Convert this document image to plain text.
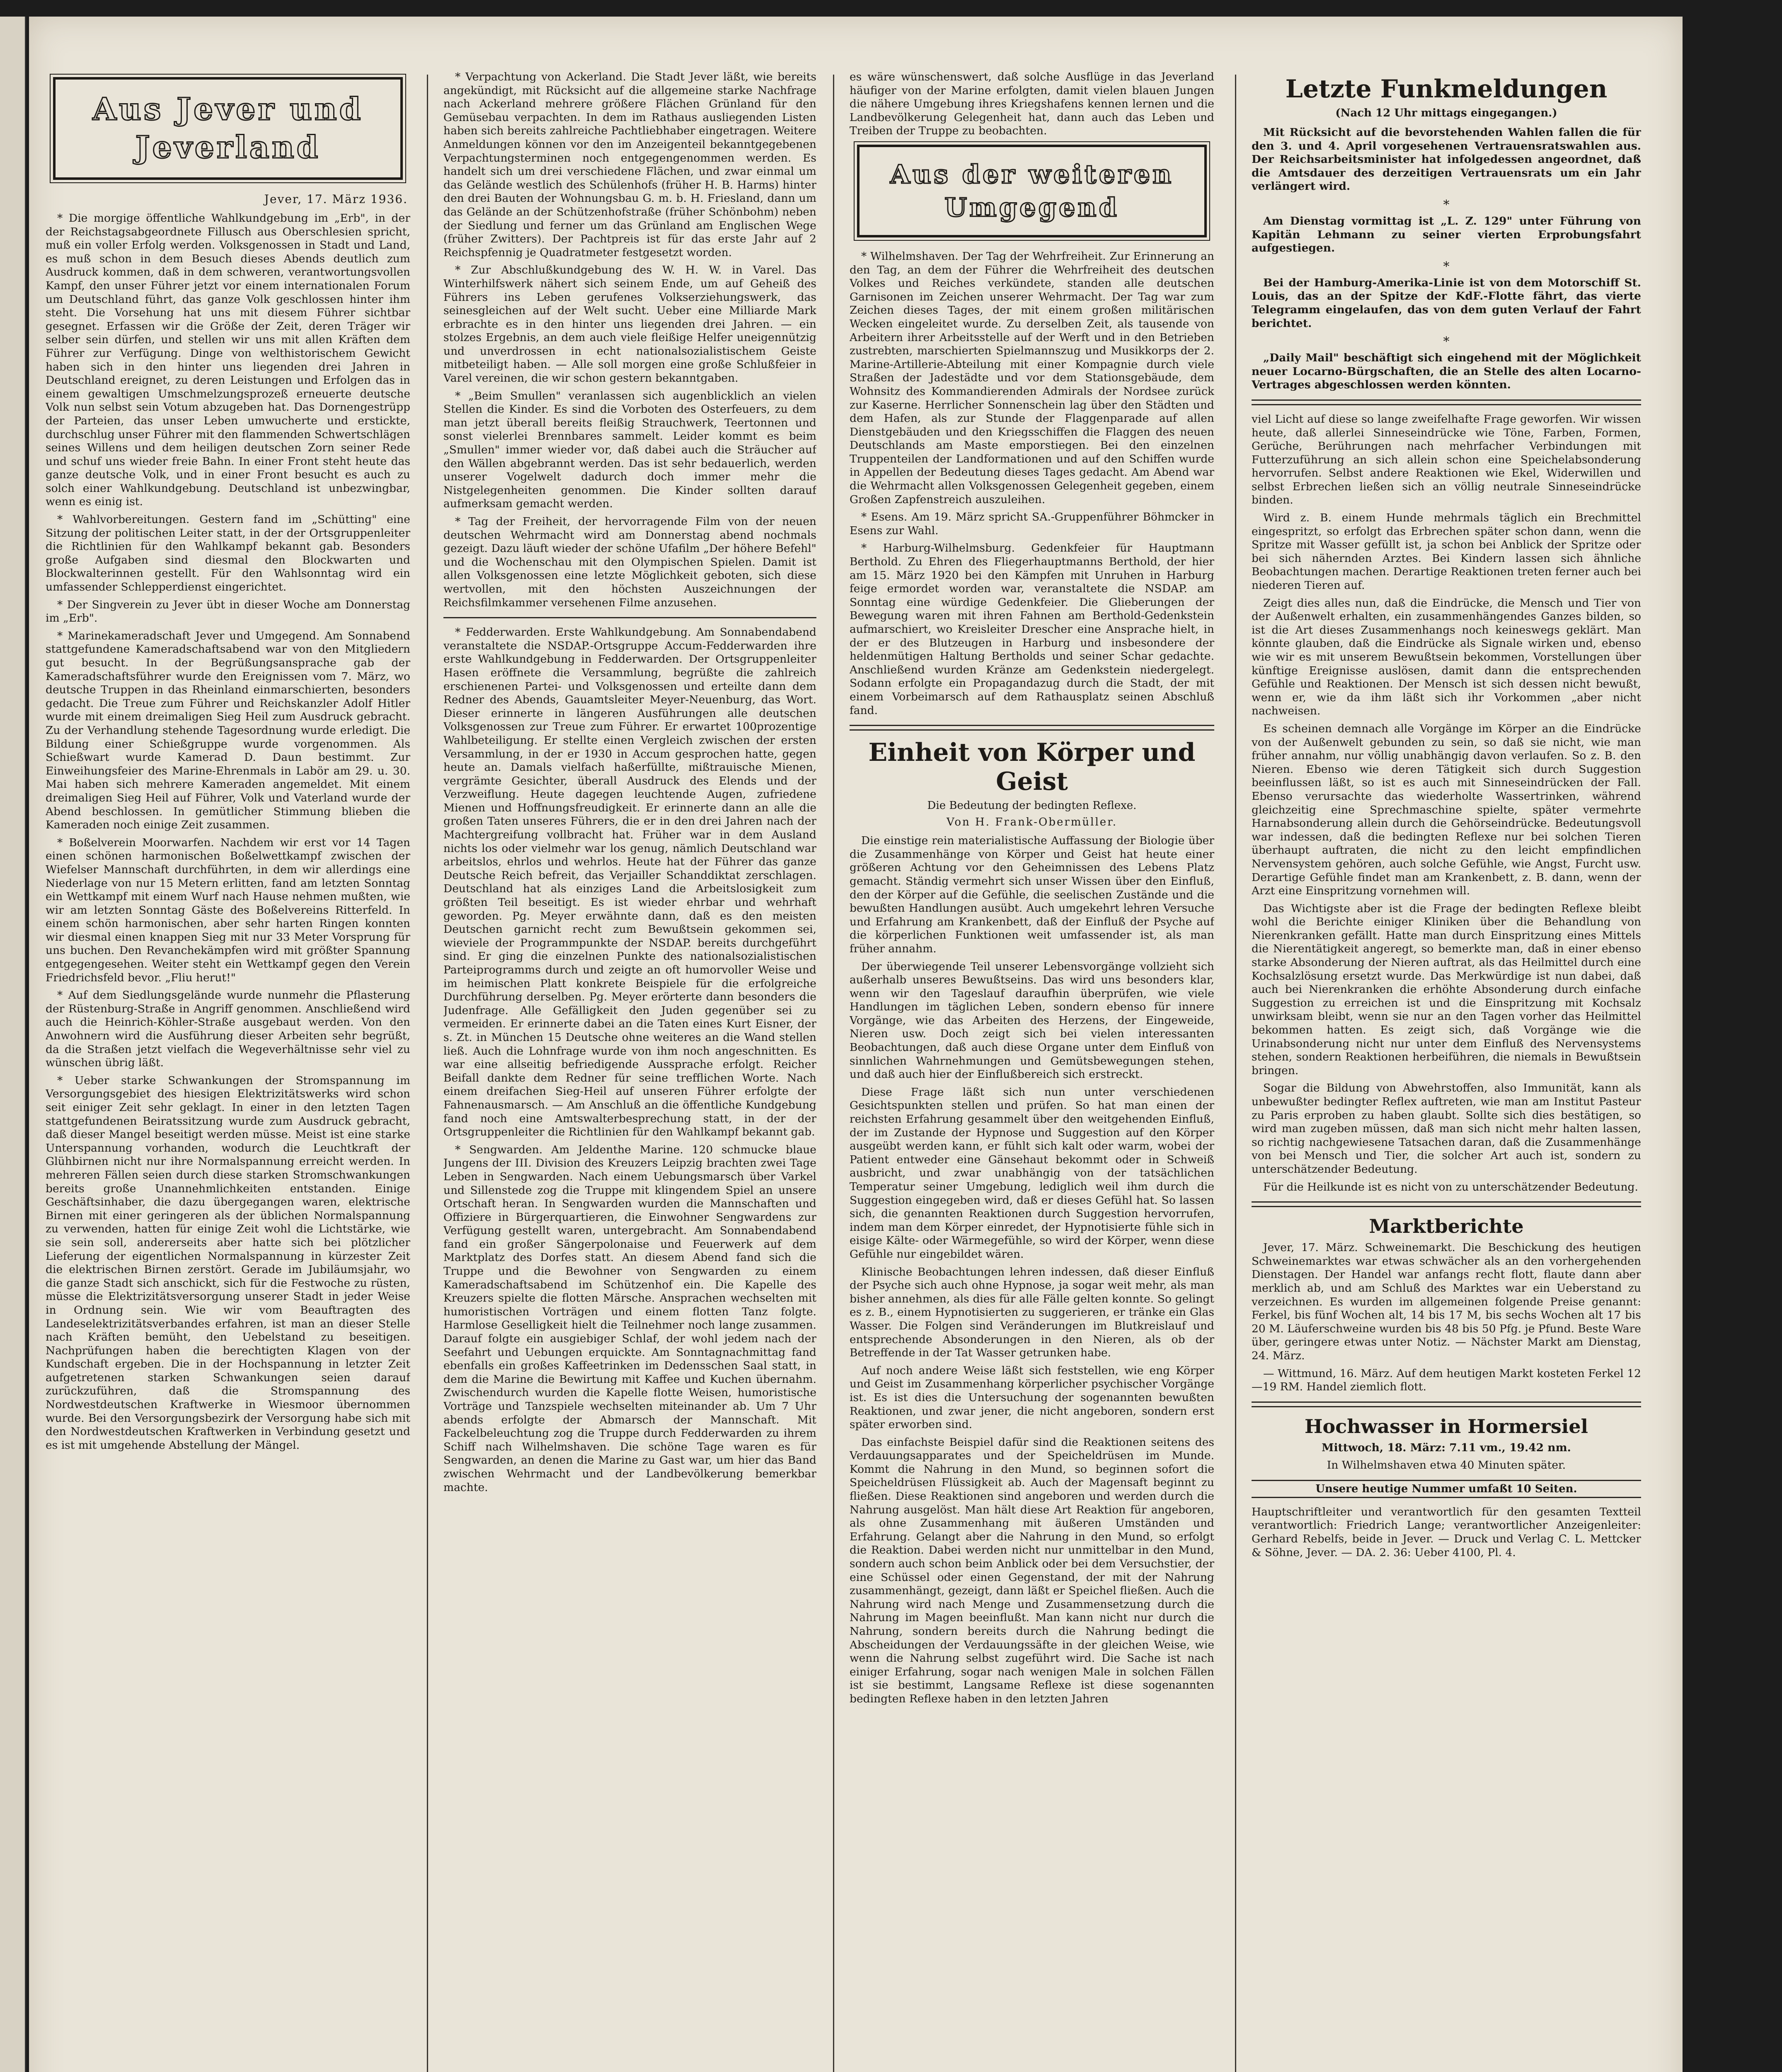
Aus Jever und Jeverland
Jever, 17. März 1936.

* Die morgige öffentliche Wahlkundgebung im „Erb", in der der Reichstagsabgeordnete Fillusch aus Oberschlesien spricht, muß ein voller Erfolg werden. Volksgenossen in Stadt und Land, es muß schon in dem Besuch dieses Abends deutlich zum Ausdruck kommen, daß in dem schweren, verantwortungsvollen Kampf, den unser Führer jetzt vor einem internationalen Forum um Deutschland führt, das ganze Volk geschlossen hinter ihm steht. Die Vorsehung hat uns mit diesem Führer sichtbar gesegnet. Erfassen wir die Größe der Zeit, deren Träger wir selber sein dürfen, und stellen wir uns mit allen Kräften dem Führer zur Verfügung. Dinge von welthistorischem Gewicht haben sich in den hinter uns liegenden drei Jahren in Deutschland ereignet, zu deren Leistungen und Erfolgen das in einem gewaltigen Umschmelzungsprozeß erneuerte deutsche Volk nun selbst sein Votum abzugeben hat. Das Dornengestrüpp der Parteien, das unser Leben umwucherte und erstickte, durchschlug unser Führer mit den flammenden Schwertschlägen seines Willens und dem heiligen deutschen Zorn seiner Rede und schuf uns wieder freie Bahn. In einer Front steht heute das ganze deutsche Volk, und in einer Front besucht es auch zu solch einer Wahlkundgebung. Deutschland ist unbezwingbar, wenn es einig ist.

* Wahlvorbereitungen. Gestern fand im „Schütting" eine Sitzung der politischen Leiter statt, in der der Ortsgruppenleiter die Richtlinien für den Wahlkampf bekannt gab. Besonders große Aufgaben sind diesmal den Blockwarten und Blockwalterinnen gestellt. Für den Wahlsonntag wird ein umfassender Schlepperdienst eingerichtet.

* Der Singverein zu Jever übt in dieser Woche am Donnerstag im „Erb".

* Marinekameradschaft Jever und Umgegend. Am Sonnabend stattgefundene Kameradschaftsabend war von den Mitgliedern gut besucht. In der Begrüßungsansprache gab der Kameradschaftsführer wurde den Ereignissen vom 7. März, wo deutsche Truppen in das Rheinland einmarschierten, besonders gedacht. Die Treue zum Führer und Reichskanzler Adolf Hitler wurde mit einem dreimaligen Sieg Heil zum Ausdruck gebracht. Zu der Verhandlung stehende Tagesordnung wurde erledigt. Die Bildung einer Schießgruppe wurde vorgenommen. Als Schießwart wurde Kamerad D. Daun bestimmt. Zur Einweihungsfeier des Marine-Ehrenmals in Labör am 29. u. 30. Mai haben sich mehrere Kameraden angemeldet. Mit einem dreimaligen Sieg Heil auf Führer, Volk und Vaterland wurde der Abend beschlossen. In gemütlicher Stimmung blieben die Kameraden noch einige Zeit zusammen.

* Boßelverein Moorwarfen. Nachdem wir erst vor 14 Tagen einen schönen harmonischen Boßelwettkampf zwischen der Wiefelser Mannschaft durchführten, in dem wir allerdings eine Niederlage von nur 15 Metern erlitten, fand am letzten Sonntag ein Wettkampf mit einem Wurf nach Hause nehmen mußten, wie wir am letzten Sonntag Gäste des Boßelvereins Ritterfeld. In einem schön harmonischen, aber sehr harten Ringen konnten wir diesmal einen knappen Sieg mit nur 33 Meter Vorsprung für uns buchen. Den Revanchekämpfen wird mit größter Spannung entgegengesehen. Weiter steht ein Wettkampf gegen den Verein Friedrichsfeld bevor. „Fliu herut!"

* Auf dem Siedlungsgelände wurde nunmehr die Pflasterung der Rüstenburg-Straße in Angriff genommen. Anschließend wird auch die Heinrich-Köhler-Straße ausgebaut werden. Von den Anwohnern wird die Ausführung dieser Arbeiten sehr begrüßt, da die Straßen jetzt vielfach die Wegeverhältnisse sehr viel zu wünschen übrig läßt.

* Ueber starke Schwankungen der Stromspannung im Versorgungsgebiet des hiesigen Elektrizitätswerks wird schon seit einiger Zeit sehr geklagt. In einer in den letzten Tagen stattgefundenen Beiratssitzung wurde zum Ausdruck gebracht, daß dieser Mangel beseitigt werden müsse. Meist ist eine starke Unterspannung vorhanden, wodurch die Leuchtkraft der Glühbirnen nicht nur ihre Normalspannung erreicht werden. In mehreren Fällen seien durch diese starken Stromschwankungen bereits große Unannehmlichkeiten entstanden. Einige Geschäftsinhaber, die dazu übergegangen waren, elektrische Birnen mit einer geringeren als der üblichen Normalspannung zu verwenden, hatten für einige Zeit wohl die Lichtstärke, wie sie sein soll, andererseits aber hatte sich bei plötzlicher Lieferung der eigentlichen Normalspannung in kürzester Zeit die elektrischen Birnen zerstört. Gerade im Jubiläumsjahr, wo die ganze Stadt sich anschickt, sich für die Festwoche zu rüsten, müsse die Elektrizitätsversorgung unserer Stadt in jeder Weise in Ordnung sein. Wie wir vom Beauftragten des Landeselektrizitätsverbandes erfahren, ist man an dieser Stelle nach Kräften bemüht, den Uebelstand zu beseitigen. Nachprüfungen haben die berechtigten Klagen von der Kundschaft ergeben. Die in der Hochspannung in letzter Zeit aufgetretenen starken Schwankungen seien darauf zurückzuführen, daß die Stromspannung des Nordwestdeutschen Kraftwerke in Wiesmoor übernommen wurde. Bei den Versorgungsbezirk der Versorgung habe sich mit den Nordwestdeutschen Kraftwerken in Verbindung gesetzt und es ist mit umgehende Abstellung der Mängel.

* Verpachtung von Ackerland. Die Stadt Jever läßt, wie bereits angekündigt, mit Rücksicht auf die allgemeine starke Nachfrage nach Ackerland mehrere größere Flächen Grünland für den Gemüsebau verpachten. In dem im Rathaus ausliegenden Listen haben sich bereits zahlreiche Pachtliebhaber eingetragen. Weitere Anmeldungen können vor den im Anzeigenteil bekanntgegebenen Verpachtungsterminen noch entgegengenommen werden. Es handelt sich um drei verschiedene Flächen, und zwar einmal um das Gelände westlich des Schülenhofs (früher H. B. Harms) hinter den drei Bauten der Wohnungsbau G. m. b. H. Friesland, dann um das Gelände an der Schützenhofstraße (früher Schönbohm) neben der Siedlung und ferner um das Grünland am Englischen Wege (früher Zwitters). Der Pachtpreis ist für das erste Jahr auf 2 Reichspfennig je Quadratmeter festgesetzt worden.

* Zur Abschlußkundgebung des W. H. W. in Varel. Das Winterhilfswerk nähert sich seinem Ende, um auf Geheiß des Führers ins Leben gerufenes Volkserziehungswerk, das seinesgleichen auf der Welt sucht. Ueber eine Milliarde Mark erbrachte es in den hinter uns liegenden drei Jahren. — ein stolzes Ergebnis, an dem auch viele fleißige Helfer uneigennützig und unverdrossen in echt nationalsozialistischem Geiste mitbeteiligt haben. — Alle soll morgen eine große Schlußfeier in Varel vereinen, die wir schon gestern bekanntgaben.

* „Beim Smullen" veranlassen sich augenblicklich an vielen Stellen die Kinder. Es sind die Vorboten des Osterfeuers, zu dem man jetzt überall bereits fleißig Strauchwerk, Teertonnen und sonst vielerlei Brennbares sammelt. Leider kommt es beim „Smullen" immer wieder vor, daß dabei auch die Sträucher auf den Wällen abgebrannt werden. Das ist sehr bedauerlich, werden unserer Vogelwelt dadurch doch immer mehr die Nistgelegenheiten genommen. Die Kinder sollten darauf aufmerksam gemacht werden.

* Tag der Freiheit, der hervorragende Film von der neuen deutschen Wehrmacht wird am Donnerstag abend nochmals gezeigt. Dazu läuft wieder der schöne Ufafilm „Der höhere Befehl" und die Wochenschau mit den Olympischen Spielen. Damit ist allen Volksgenossen eine letzte Möglichkeit geboten, sich diese wertvollen, mit den höchsten Auszeichnungen der Reichsfilmkammer versehenen Filme anzusehen.

* Fedderwarden. Erste Wahlkundgebung. Am Sonnabendabend veranstaltete die NSDAP.-Ortsgruppe Accum-Fedderwarden ihre erste Wahlkundgebung in Fedderwarden. Der Ortsgruppenleiter Hasen eröffnete die Versammlung, begrüßte die zahlreich erschienenen Partei- und Volksgenossen und erteilte dann dem Redner des Abends, Gauamtsleiter Meyer-Neuenburg, das Wort. Dieser erinnerte in längeren Ausführungen alle deutschen Volksgenossen zur Treue zum Führer. Er erwartet 100prozentige Wahlbeteiligung. Er stellte einen Vergleich zwischen der ersten Versammlung, in der er 1930 in Accum gesprochen hatte, gegen heute an. Damals vielfach haßerfüllte, mißtrauische Mienen, vergrämte Gesichter, überall Ausdruck des Elends und der Verzweiflung. Heute dagegen leuchtende Augen, zufriedene Mienen und Hoffnungsfreudigkeit. Er erinnerte dann an alle die großen Taten unseres Führers, die er in den drei Jahren nach der Machtergreifung vollbracht hat. Früher war in dem Ausland nichts los oder vielmehr war los genug, nämlich Deutschland war arbeitslos, ehrlos und wehrlos. Heute hat der Führer das ganze Deutsche Reich befreit, das Verjailler Schanddiktat zerschlagen. Deutschland hat als einziges Land die Arbeitslosigkeit zum größten Teil beseitigt. Es ist wieder ehrbar und wehrhaft geworden. Pg. Meyer erwähnte dann, daß es den meisten Deutschen garnicht recht zum Bewußtsein gekommen sei, wieviele der Programmpunkte der NSDAP. bereits durchgeführt sind. Er ging die einzelnen Punkte des nationalsozialistischen Parteiprogramms durch und zeigte an oft humorvoller Weise und im heimischen Platt konkrete Beispiele für die erfolgreiche Durchführung derselben. Pg. Meyer erörterte dann besonders die Judenfrage. Alle Gefälligkeit den Juden gegenüber sei zu vermeiden. Er erinnerte dabei an die Taten eines Kurt Eisner, der s. Zt. in München 15 Deutsche ohne weiteres an die Wand stellen ließ. Auch die Lohnfrage wurde von ihm noch angeschnitten. Es war eine allseitig befriedigende Aussprache erfolgt. Reicher Beifall dankte dem Redner für seine trefflichen Worte. Nach einem dreifachen Sieg-Heil auf unseren Führer erfolgte der Fahnenausmarsch. — Am Anschluß an die öffentliche Kundgebung fand noch eine Amtswalterbesprechung statt, in der der Ortsgruppenleiter die Richtlinien für den Wahlkampf bekannt gab.

* Sengwarden. Am Jeldenthe Marine. 120 schmucke blaue Jungens der III. Division des Kreuzers Leipzig brachten zwei Tage Leben in Sengwarden. Nach einem Uebungsmarsch über Varkel und Sillenstede zog die Truppe mit klingendem Spiel an unsere Ortschaft heran. In Sengwarden wurden die Mannschaften und Offiziere in Bürgerquartieren, die Einwohner Sengwardens zur Verfügung gestellt waren, untergebracht. Am Sonnabendabend fand ein großer Sängerpolonaise und Feuerwerk auf dem Marktplatz des Dorfes statt. An diesem Abend fand sich die Truppe und die Bewohner von Sengwarden zu einem Kameradschaftsabend im Schützenhof ein. Die Kapelle des Kreuzers spielte die flotten Märsche. Ansprachen wechselten mit humoristischen Vorträgen und einem flotten Tanz folgte. Harmlose Geselligkeit hielt die Teilnehmer noch lange zusammen. Darauf folgte ein ausgiebiger Schlaf, der wohl jedem nach der Seefahrt und Uebungen erquickte. Am Sonntagnachmittag fand ebenfalls ein großes Kaffeetrinken im Dedensschen Saal statt, in dem die Marine die Bewirtung mit Kaffee und Kuchen übernahm. Zwischendurch wurden die Kapelle flotte Weisen, humoristische Vorträge und Tanzspiele wechselten miteinander ab. Um 7 Uhr abends erfolgte der Abmarsch der Mannschaft. Mit Fackelbeleuchtung zog die Truppe durch Fedderwarden zu ihrem Schiff nach Wilhelmshaven. Die schöne Tage waren es für Sengwarden, an denen die Marine zu Gast war, um hier das Band zwischen Wehrmacht und der Landbevölkerung bemerkbar machte.

es wäre wünschenswert, daß solche Ausflüge in das Jeverland häufiger von der Marine erfolgten, damit vielen blauen Jungen die nähere Umgebung ihres Kriegshafens kennen lernen und die Landbevölkerung Gelegenheit hat, dann auch das Leben und Treiben der Truppe zu beobachten.

Aus der weiteren Umgegend

* Wilhelmshaven. Der Tag der Wehrfreiheit. Zur Erinnerung an den Tag, an dem der Führer die Wehrfreiheit des deutschen Volkes und Reiches verkündete, standen alle deutschen Garnisonen im Zeichen unserer Wehrmacht. Der Tag war zum Zeichen dieses Tages, der mit einem großen militärischen Wecken eingeleitet wurde. Zu derselben Zeit, als tausende von Arbeitern ihrer Arbeitsstelle auf der Werft und in den Betrieben zustrebten, marschierten Spielmannszug und Musikkorps der 2. Marine-Artillerie-Abteilung mit einer Kompagnie durch viele Straßen der Jadestädte und vor dem Stationsgebäude, dem Wohnsitz des Kommandierenden Admirals der Nordsee zurück zur Kaserne. Herrlicher Sonnenschein lag über den Städten und dem Hafen, als zur Stunde der Flaggenparade auf allen Dienstgebäuden und den Kriegsschiffen die Flaggen des neuen Deutschlands am Maste emporstiegen. Bei den einzelnen Truppenteilen der Landformationen und auf den Schiffen wurde in Appellen der Bedeutung dieses Tages gedacht. Am Abend war die Wehrmacht allen Volksgenossen Gelegenheit gegeben, einem Großen Zapfenstreich auszuleihen.

* Esens. Am 19. März spricht SA.-Gruppenführer Böhmcker in Esens zur Wahl.

* Harburg-Wilhelmsburg. Gedenkfeier für Hauptmann Berthold. Zu Ehren des Fliegerhauptmanns Berthold, der hier am 15. März 1920 bei den Kämpfen mit Unruhen in Harburg feige ermordet worden war, veranstaltete die NSDAP. am Sonntag eine würdige Gedenkfeier. Die Glieberungen der Bewegung waren mit ihren Fahnen am Berthold-Gedenkstein aufmarschiert, wo Kreisleiter Drescher eine Ansprache hielt, in der er des Blutzeugen in Harburg und insbesondere der heldenmütigen Haltung Bertholds und seiner Schar gedachte. Anschließend wurden Kränze am Gedenkstein niedergelegt. Sodann erfolgte ein Propagandazug durch die Stadt, der mit einem Vorbeimarsch auf dem Rathausplatz seinen Abschluß fand.

Einheit von Körper und Geist
Die Bedeutung der bedingten Reflexe.
Von H. Frank-Obermüller.

Die einstige rein materialistische Auffassung der Biologie über die Zusammenhänge von Körper und Geist hat heute einer größeren Achtung vor den Geheimnissen des Lebens Platz gemacht. Ständig vermehrt sich unser Wissen über den Einfluß, den der Körper auf die Gefühle, die seelischen Zustände und die bewußten Handlungen ausübt. Auch umgekehrt lehren Versuche und Erfahrung am Krankenbett, daß der Einfluß der Psyche auf die körperlichen Funktionen weit umfassender ist, als man früher annahm.

Der überwiegende Teil unserer Lebensvorgänge vollzieht sich außerhalb unseres Bewußtseins. Das wird uns besonders klar, wenn wir den Tageslauf daraufhin überprüfen, wie viele Handlungen im täglichen Leben, sondern ebenso für innere Vorgänge, wie das Arbeiten des Herzens, der Eingeweide, Nieren usw. Doch zeigt sich bei vielen interessanten Beobachtungen, daß auch diese Organe unter dem Einfluß von sinnlichen Wahrnehmungen und Gemütsbewegungen stehen, und daß auch hier der Einflußbereich sich erstreckt.

Diese Frage läßt sich nun unter verschiedenen Gesichtspunkten stellen und prüfen. So hat man einen der reichsten Erfahrung gesammelt über den weitgehenden Einfluß, der im Zustande der Hypnose und Suggestion auf den Körper ausgeübt werden kann, er fühlt sich kalt oder warm, wobei der Patient entweder eine Gänsehaut bekommt oder in Schweiß ausbricht, und zwar unabhängig von der tatsächlichen Temperatur seiner Umgebung, lediglich weil ihm durch die Suggestion eingegeben wird, daß er dieses Gefühl hat. So lassen sich, die genannten Reaktionen durch Suggestion hervorrufen, indem man dem Körper einredet, der Hypnotisierte fühle sich in eisige Kälte- oder Wärmegefühle, so wird der Körper, wenn diese Gefühle nur eingebildet wären.

Klinische Beobachtungen lehren indessen, daß dieser Einfluß der Psyche sich auch ohne Hypnose, ja sogar weit mehr, als man bisher annehmen, als dies für alle Fälle gelten konnte. So gelingt es z. B., einem Hypnotisierten zu suggerieren, er tränke ein Glas Wasser. Die Folgen sind Veränderungen im Blutkreislauf und entsprechende Absonderungen in den Nieren, als ob der Betreffende in der Tat Wasser getrunken habe.

Auf noch andere Weise läßt sich feststellen, wie eng Körper und Geist im Zusammenhang körperlicher psychischer Vorgänge ist. Es ist dies die Untersuchung der sogenannten bewußten Reaktionen, und zwar jener, die nicht angeboren, sondern erst später erworben sind.

Das einfachste Beispiel dafür sind die Reaktionen seitens des Verdauungsapparates und der Speicheldrüsen im Munde. Kommt die Nahrung in den Mund, so beginnen sofort die Speicheldrüsen Flüssigkeit ab. Auch der Magensaft beginnt zu fließen. Diese Reaktionen sind angeboren und werden durch die Nahrung ausgelöst. Man hält diese Art Reaktion für angeboren, als ohne Zusammenhang mit äußeren Umständen und Erfahrung. Gelangt aber die Nahrung in den Mund, so erfolgt die Reaktion. Dabei werden nicht nur unmittelbar in den Mund, sondern auch schon beim Anblick oder bei dem Versuchstier, der eine Schüssel oder einen Gegenstand, der mit der Nahrung zusammenhängt, gezeigt, dann läßt er Speichel fließen. Auch die Nahrung wird nach Menge und Zusammensetzung durch die Nahrung im Magen beeinflußt. Man kann nicht nur durch die Nahrung, sondern bereits durch die Nahrung bedingt die Abscheidungen der Verdauungssäfte in der gleichen Weise, wie wenn die Nahrung selbst zugeführt wird. Die Sache ist nach einiger Erfahrung, sogar nach wenigen Male in solchen Fällen ist sie bestimmt, Langsame Reflexe ist diese sogenannten bedingten Reflexe haben in den letzten Jahren

Letzte Funkmeldungen
(Nach 12 Uhr mittags eingegangen.)

Mit Rücksicht auf die bevorstehenden Wahlen fallen die für den 3. und 4. April vorgesehenen Vertrauensratswahlen aus. Der Reichsarbeitsminister hat infolgedessen angeordnet, daß die Amtsdauer des derzeitigen Vertrauensrats um ein Jahr verlängert wird.

*

Am Dienstag vormittag ist „L. Z. 129" unter Führung von Kapitän Lehmann zu seiner vierten Erprobungsfahrt aufgestiegen.

*

Bei der Hamburg-Amerika-Linie ist von dem Motorschiff St. Louis, das an der Spitze der KdF.-Flotte fährt, das vierte Telegramm eingelaufen, das von dem guten Verlauf der Fahrt berichtet.

*

„Daily Mail" beschäftigt sich eingehend mit der Möglichkeit neuer Locarno-Bürgschaften, die an Stelle des alten Locarno-Vertrages abgeschlossen werden könnten.

viel Licht auf diese so lange zweifelhafte Frage geworfen. Wir wissen heute, daß allerlei Sinneseindrücke wie Töne, Farben, Formen, Gerüche, Berührungen nach mehrfacher Verbindungen mit Futterzuführung an sich allein schon eine Speichelabsonderung hervorrufen. Selbst andere Reaktionen wie Ekel, Widerwillen und selbst Erbrechen ließen sich an völlig neutrale Sinneseindrücke binden.

Wird z. B. einem Hunde mehrmals täglich ein Brechmittel eingespritzt, so erfolgt das Erbrechen später schon dann, wenn die Spritze mit Wasser gefüllt ist, ja schon bei Anblick der Spritze oder bei sich nähernden Arztes. Bei Kindern lassen sich ähnliche Beobachtungen machen. Derartige Reaktionen treten ferner auch bei niederen Tieren auf.

Zeigt dies alles nun, daß die Eindrücke, die Mensch und Tier von der Außenwelt erhalten, ein zusammenhängendes Ganzes bilden, so ist die Art dieses Zusammenhangs noch keineswegs geklärt. Man könnte glauben, daß die Eindrücke als Signale wirken und, ebenso wie wir es mit unserem Bewußtsein bekommen, Vorstellungen über künftige Ereignisse auslösen, damit dann die entsprechenden Gefühle und Reaktionen. Der Mensch ist sich dessen nicht bewußt, wenn er, wie da ihm läßt sich ihr Vorkommen „aber nicht nachweisen.

Es scheinen demnach alle Vorgänge im Körper an die Eindrücke von der Außenwelt gebunden zu sein, so daß sie nicht, wie man früher annahm, nur völlig unabhängig davon verlaufen. So z. B. den Nieren. Ebenso wie deren Tätigkeit sich durch Suggestion beeinflussen läßt, so ist es auch mit Sinneseindrücken der Fall. Ebenso verursachte das wiederholte Wassertrinken, während gleichzeitig eine Sprechmaschine spielte, später vermehrte Harnabsonderung allein durch die Gehörseindrücke. Bedeutungsvoll war indessen, daß die bedingten Reflexe nur bei solchen Tieren überhaupt auftraten, die nicht zu den leicht empfindlichen Nervensystem gehören, auch solche Gefühle, wie Angst, Furcht usw. Derartige Gefühle findet man am Krankenbett, z. B. dann, wenn der Arzt eine Einspritzung vornehmen will.

Das Wichtigste aber ist die Frage der bedingten Reflexe bleibt wohl die Berichte einiger Kliniken über die Behandlung von Nierenkranken gefällt. Hatte man durch Einspritzung eines Mittels die Nierentätigkeit angeregt, so bemerkte man, daß in einer ebenso starke Absonderung der Nieren auftrat, als das Heilmittel durch eine Kochsalzlösung ersetzt wurde. Das Merkwürdige ist nun dabei, daß auch bei Nierenkranken die erhöhte Absonderung durch einfache Suggestion zu erreichen ist und die Einspritzung mit Kochsalz unwirksam bleibt, wenn sie nur an den Tagen vorher das Heilmittel bekommen hatten. Es zeigt sich, daß Vorgänge wie die Urinabsonderung nicht nur unter dem Einfluß des Nervensystems stehen, sondern Reaktionen herbeiführen, die niemals in Bewußtsein bringen.

Sogar die Bildung von Abwehrstoffen, also Immunität, kann als unbewußter bedingter Reflex auftreten, wie man am Institut Pasteur zu Paris erproben zu haben glaubt. Sollte sich dies bestätigen, so wird man zugeben müssen, daß man sich nicht mehr halten lassen, so richtig nachgewiesene Tatsachen daran, daß die Zusammenhänge von bei Mensch und Tier, die solcher Art auch ist, sondern zu unterschätzender Bedeutung.

Für die Heilkunde ist es nicht von zu unterschätzender Bedeutung.

Marktberichte

Jever, 17. März. Schweinemarkt. Die Beschickung des heutigen Schweinemarktes war etwas schwächer als an den vorhergehenden Dienstagen. Der Handel war anfangs recht flott, flaute dann aber merklich ab, und am Schluß des Marktes war ein Ueberstand zu verzeichnen. Es wurden im allgemeinen folgende Preise genannt: Ferkel, bis fünf Wochen alt, 14 bis 17 M, bis sechs Wochen alt 17 bis 20 M. Läuferschweine wurden bis 48 bis 50 Pfg. je Pfund. Beste Ware über, geringere etwas unter Notiz. — Nächster Markt am Dienstag, 24. März.

— Wittmund, 16. März. Auf dem heutigen Markt kosteten Ferkel 12—19 RM. Handel ziemlich flott.

Hochwasser in Hormersiel

Mittwoch, 18. März: 7.11 vm., 19.42 nm.

In Wilhelmshaven etwa 40 Minuten später.

Unsere heutige Nummer umfaßt 10 Seiten.

Hauptschriftleiter und verantwortlich für den gesamten Textteil verantwortlich: Friedrich Lange; verantwortlicher Anzeigenleiter: Gerhard Rebelfs, beide in Jever. — Druck und Verlag C. L. Mettcker & Söhne, Jever. — DA. 2. 36: Ueber 4100, Pl. 4.
